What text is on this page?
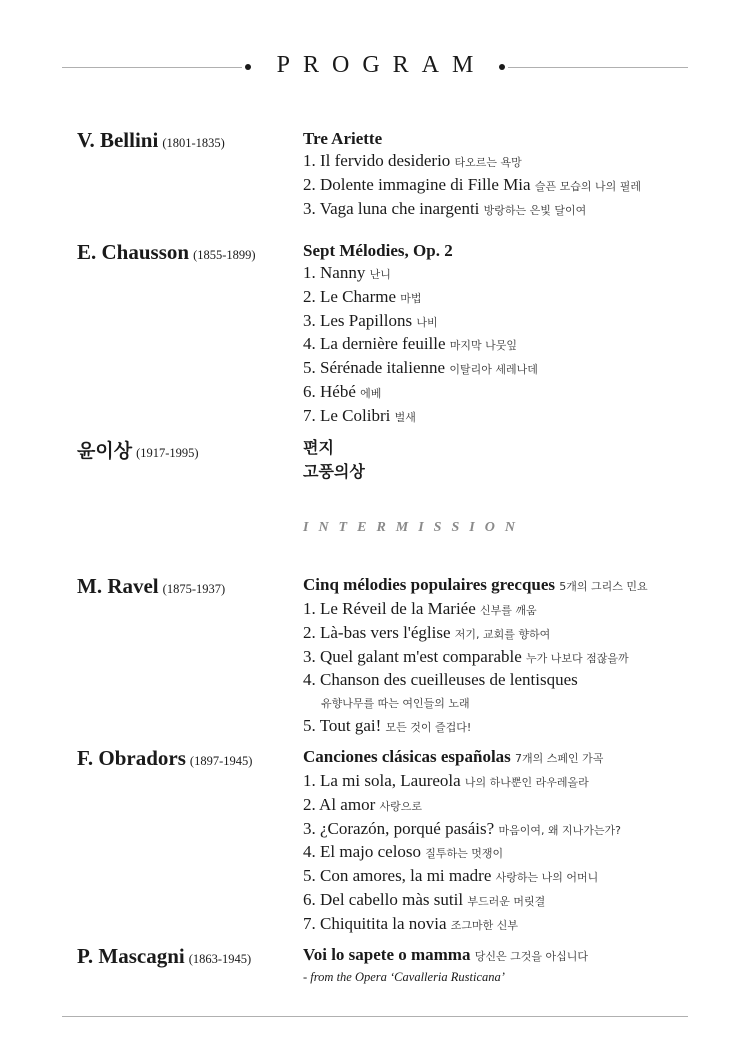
PROGRAM
V. Bellini (1801-1835)	Tre Ariette
1. Il fervido desiderio 타오르는 욕망
2. Dolente immagine di Fille Mia 슬픈 모습의 나의 필레
3. Vaga luna che inargenti 방랑하는 은빛 달이여
E. Chausson (1855-1899)	Sept Mélodies, Op. 2
1. Nanny 난니
2. Le Charme 마법
3. Les Papillons 나비
4. La dernière feuille 마지막 나뭇잎
5. Sérénade italienne 이탈리아 세레나데
6. Hébé 에베
7. Le Colibri 벌새
윤이상 (1917-1995)	편지
고풍의상
INTERMISSION
M. Ravel (1875-1937)	Cinq mélodies populaires grecques 5개의 그리스 민요
1. Le Réveil de la Mariée 신부를 깨움
2. Là-bas vers l'église 저기, 교회를 향하여
3. Quel galant m'est comparable 누가 나보다 점잖을까
4. Chanson des cueilleuses de lentisques
유향나무를 따는 여인들의 노래
5. Tout gai! 모든 것이 즐겁다!
F. Obradors (1897-1945)	Canciones clásicas españolas 7개의 스페인 가곡
1. La mi sola, Laureola 나의 하나뿐인 라우레올라
2. Al amor 사랑으로
3. ¿Corazón, porqué pasáis? 마음이여, 왜 지나가는가?
4. El majo celoso 질투하는 멋쟁이
5. Con amores, la mi madre 사랑하는 나의 어머니
6. Del cabello màs sutil 부드러운 머릿결
7. Chiquitita la novia 조그마한 신부
P. Mascagni (1863-1945)	Voi lo sapete o mamma 당신은 그것을 아십니다
- from the Opera ‘Cavalleria Rusticana’
